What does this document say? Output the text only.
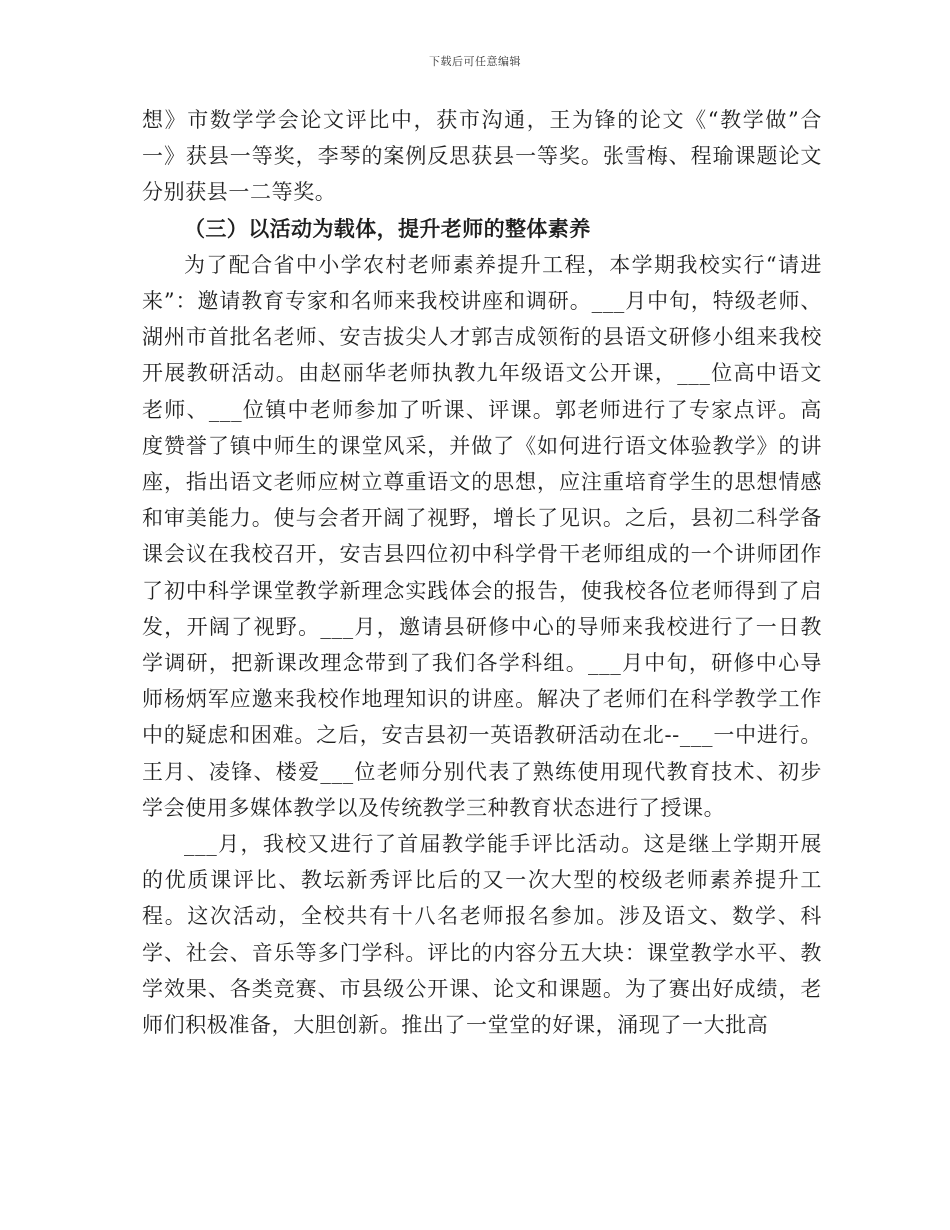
下载后可任意编辑

想》市数学学会论文评比中，获市沟通，王为锋的论文《“教学做”合一》获县一等奖，李琴的案例反思获县一等奖。张雪梅、程瑜课题论文分别获县一二等奖。

（三）以活动为载体，提升老师的整体素养

为了配合省中小学农村老师素养提升工程，本学期我校实行“请进来”：邀请教育专家和名师来我校讲座和调研。___月中旬，特级老师、湖州市首批名老师、安吉拔尖人才郭吉成领衔的县语文研修小组来我校开展教研活动。由赵丽华老师执教九年级语文公开课，___位高中语文老师、___位镇中老师参加了听课、评课。郭老师进行了专家点评。高度赞誉了镇中师生的课堂风采，并做了《如何进行语文体验教学》的讲座，指出语文老师应树立尊重语文的思想，应注重培育学生的思想情感和审美能力。使与会者开阔了视野，增长了见识。之后，县初二科学备课会议在我校召开，安吉县四位初中科学骨干老师组成的一个讲师团作了初中科学课堂教学新理念实践体会的报告，使我校各位老师得到了启发，开阔了视野。___月，邀请县研修中心的导师来我校进行了一日教学调研，把新课改理念带到了我们各学科组。___月中旬，研修中心导师杨炳军应邀来我校作地理知识的讲座。解决了老师们在科学教学工作中的疑虑和困难。之后，安吉县初一英语教研活动在北--___一中进行。王月、凌锋、楼爱___位老师分别代表了熟练使用现代教育技术、初步学会使用多媒体教学以及传统教学三种教育状态进行了授课。

___月，我校又进行了首届教学能手评比活动。这是继上学期开展的优质课评比、教坛新秀评比后的又一次大型的校级老师素养提升工程。这次活动，全校共有十八名老师报名参加。涉及语文、数学、科学、社会、音乐等多门学科。评比的内容分五大块：课堂教学水平、教学效果、各类竞赛、市县级公开课、论文和课题。为了赛出好成绩，老师们积极准备，大胆创新。推出了一堂堂的好课，涌现了一大批高
